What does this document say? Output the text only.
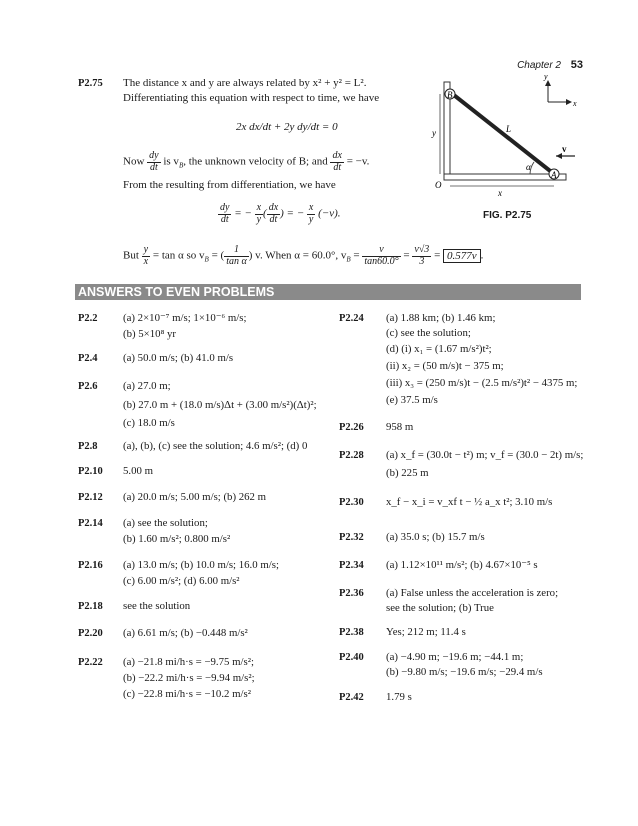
Chapter 2 53
P2.75 The distance x and y are always related by x² + y² = L².
Differentiating this equation with respect to time, we have
2x dx/dt + 2y dy/dt = 0
Now $\frac{dy}{dt}$ is $v_B$, the unknown velocity of B; and $\frac{dx}{dt} = -v$.
From the resulting from differentiation, we have
$\frac{dy}{dt}$ = − $\frac{x}{y}$ ( $\frac{dx}{dt}$ ) = − $\frac{x}{y} (-v)$.
But $\frac{y}{x} = \tan \alpha$ so $v_B$ = ( $\frac{1}{\text{tan α}}$ ) v. When α = 60.0°, $v_B = \frac{v}{\tan 60.0^\circ} = \frac{v√3}{3} = 0.577v$ .
B
A
O
L
x
y
α
v
x
y
FIG. P2.75
ANSWERS TO EVEN PROBLEMS
P2.2 (a) 2×10⁻⁷ m/s; 1×10⁻⁶ m/s;
(b) 5×10⁸ yr
P2.4 (a) 50.0 m/s; (b) 41.0 m/s
P2.6 (a) 27.0 m;
(b) 27.0 m + (18.0 m/s)Δt + (3.00 m/s²)(Δt)²;
(c) 18.0 m/s
P2.8 (a), (b), (c) see the solution; 4.6 m/s²; (d) 0
P2.10 5.00 m
P2.12 (a) 20.0 m/s; 5.00 m/s; (b) 262 m
P2.14 (a) see the solution;
(b) 1.60 m/s²; 0.800 m/s²
P2.16 (a) 13.0 m/s; (b) 10.0 m/s; 16.0 m/s;
(c) 6.00 m/s²; (d) 6.00 m/s²
P2.18 see the solution
P2.20 (a) 6.61 m/s; (b) −0.448 m/s²
P2.22 (a) −21.8 mi/h·s = −9.75 m/s²;
(b) −22.2 mi/h·s = −9.94 m/s²;
(c) −22.8 mi/h·s = −10.2 m/s²
P2.24 (a) 1.88 km; (b) 1.46 km;
(c) see the solution;
(d) (i) x₁ = (1.67 m/s²)t²;
(ii) x₂ = (50 m/s)t − 375 m;
(iii) x₃ = (250 m/s)t − (2.5 m/s²)t² − 4375 m;
(e) 37.5 m/s
P2.26 958 m
P2.28 (a) x_f = (30.0t − t²) m; v_f = (30.0 − 2t) m/s;
(b) 225 m
P2.30 x_f − x_i = v_xf t − ½ a_x t²; 3.10 m/s
P2.32 (a) 35.0 s; (b) 15.7 m/s
P2.34 (a) 1.12×10¹¹ m/s²; (b) 4.67×10⁻⁵ s
P2.36 (a) False unless the acceleration is zero;
see the solution; (b) True
P2.38 Yes; 212 m; 11.4 s
P2.40 (a) −4.90 m; −19.6 m; −44.1 m;
(b) −9.80 m/s; −19.6 m/s; −29.4 m/s
P2.42 1.79 s
